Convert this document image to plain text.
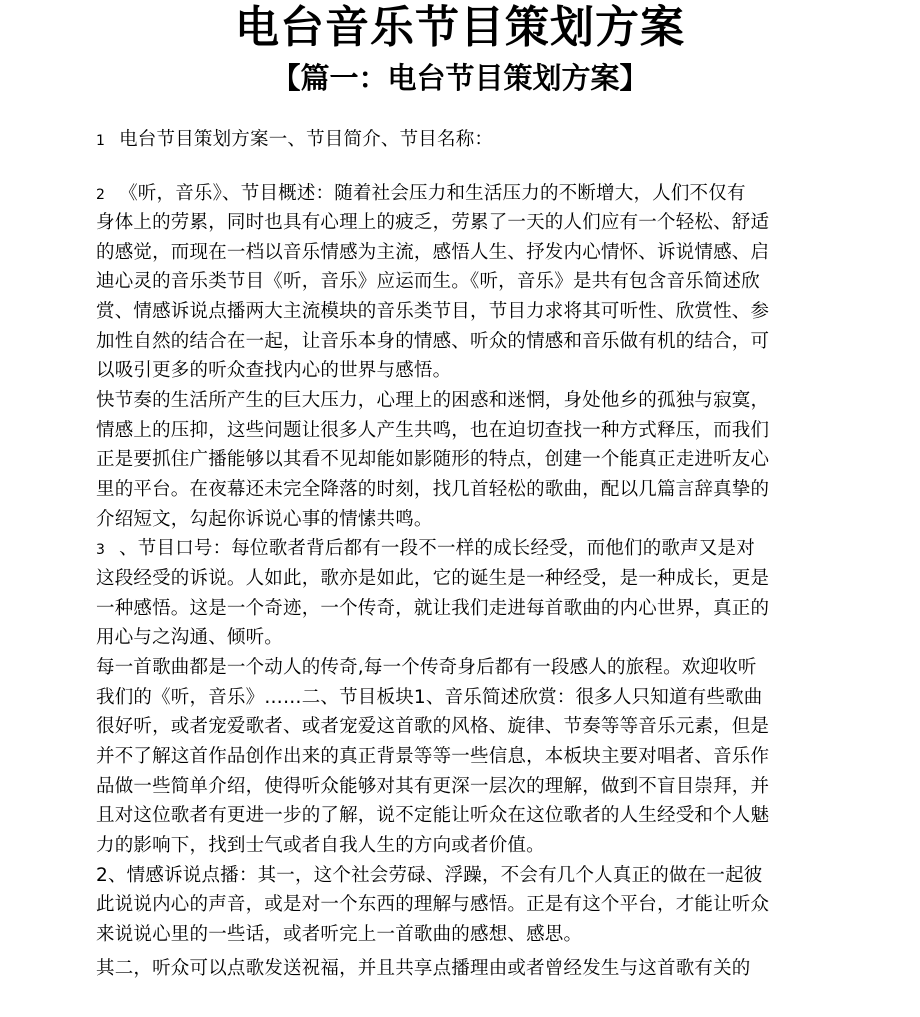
电台音乐节目策划方案
【篇一：电台节目策划方案】
1 电台节目策划方案一、节目简介、节目名称：
2 《听，音乐》、节目概述：随着社会压力和生活压力的不断增大，人们不仅有
身体上的劳累，同时也具有心理上的疲乏，劳累了一天的人们应有一个轻松、舒适
的感觉，而现在一档以音乐情感为主流，感悟人生、抒发内心情怀、诉说情感、启
迪心灵的音乐类节目《听，音乐》应运而生。《听，音乐》是共有包含音乐简述欣
赏、情感诉说点播两大主流模块的音乐类节目，节目力求将其可听性、欣赏性、参
加性自然的结合在一起，让音乐本身的情感、听众的情感和音乐做有机的结合，可
以吸引更多的听众查找内心的世界与感悟。
快节奏的生活所产生的巨大压力，心理上的困惑和迷惘，身处他乡的孤独与寂寞，
情感上的压抑，这些问题让很多人产生共鸣，也在迫切查找一种方式释压，而我们
正是要抓住广播能够以其看不见却能如影随形的特点，创建一个能真正走进听友心
里的平台。在夜幕还未完全降落的时刻，找几首轻松的歌曲，配以几篇言辞真挚的
介绍短文，勾起你诉说心事的情愫共鸣。
3 、节目口号：每位歌者背后都有一段不一样的成长经受，而他们的歌声又是对
这段经受的诉说。人如此，歌亦是如此，它的诞生是一种经受，是一种成长，更是
一种感悟。这是一个奇迹，一个传奇，就让我们走进每首歌曲的内心世界，真正的
用心与之沟通、倾听。
每一首歌曲都是一个动人的传奇,每一个传奇身后都有一段感人的旅程。欢迎收听
我们的《听，音乐》……二、节目板块1、音乐简述欣赏：很多人只知道有些歌曲
很好听，或者宠爱歌者、或者宠爱这首歌的风格、旋律、节奏等等音乐元素，但是
并不了解这首作品创作出来的真正背景等等一些信息，本板块主要对唱者、音乐作
品做一些简单介绍，使得听众能够对其有更深一层次的理解，做到不盲目崇拜，并
且对这位歌者有更进一步的了解，说不定能让听众在这位歌者的人生经受和个人魅
力的影响下，找到士气或者自我人生的方向或者价值。
2、情感诉说点播：其一，这个社会劳碌、浮躁，不会有几个人真正的做在一起彼
此说说内心的声音，或是对一个东西的理解与感悟。正是有这个平台，才能让听众
来说说心里的一些话，或者听完上一首歌曲的感想、感思。
其二，听众可以点歌发送祝福，并且共享点播理由或者曾经发生与这首歌有关的
